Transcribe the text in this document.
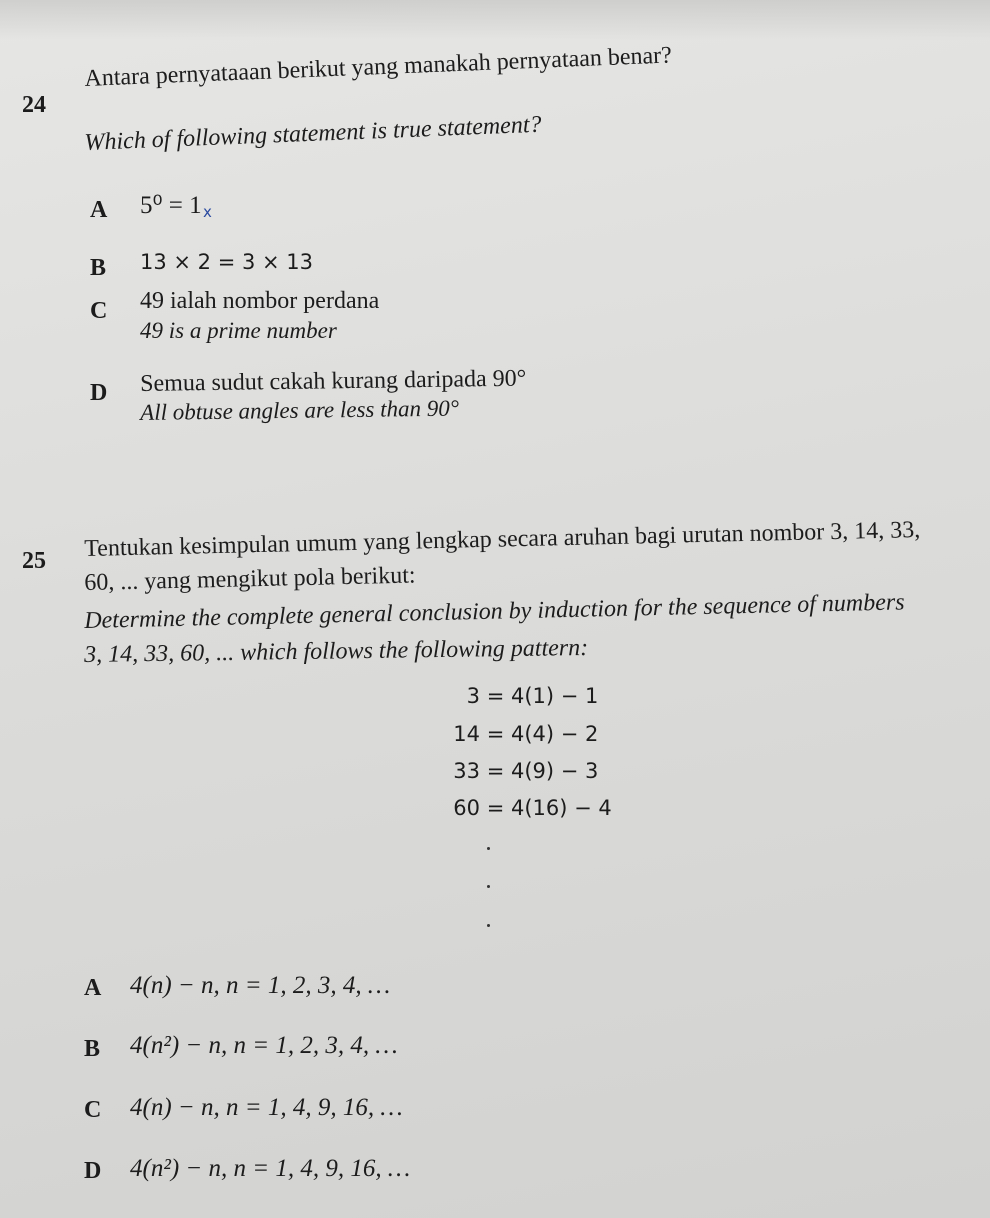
24
Antara pernyataaan berikut yang manakah pernyataan benar?
Which of following statement is true statement?
A 5⁰ = 1 x
B 13 × 2 = 3 × 13
C 49 ialah nombor perdana
49 is a prime number
D Semua sudut cakah kurang daripada 90°
All obtuse angles are less than 90°
25 Tentukan kesimpulan umum yang lengkap secara aruhan bagi urutan nombor 3, 14, 33,
60, ... yang mengikut pola berikut:
Determine the complete general conclusion by induction for the sequence of numbers
3, 14, 33, 60, ... which follows the following pattern:
3 = 4(1) − 1
14 = 4(4) − 2
33 = 4(9) − 3
60 = 4(16) − 4
A 4(n) − n, n = 1, 2, 3, 4, …
B 4(n²) − n, n = 1, 2, 3, 4, …
C 4(n) − n, n = 1, 4, 9, 16, …
D 4(n²) − n, n = 1, 4, 9, 16, …
